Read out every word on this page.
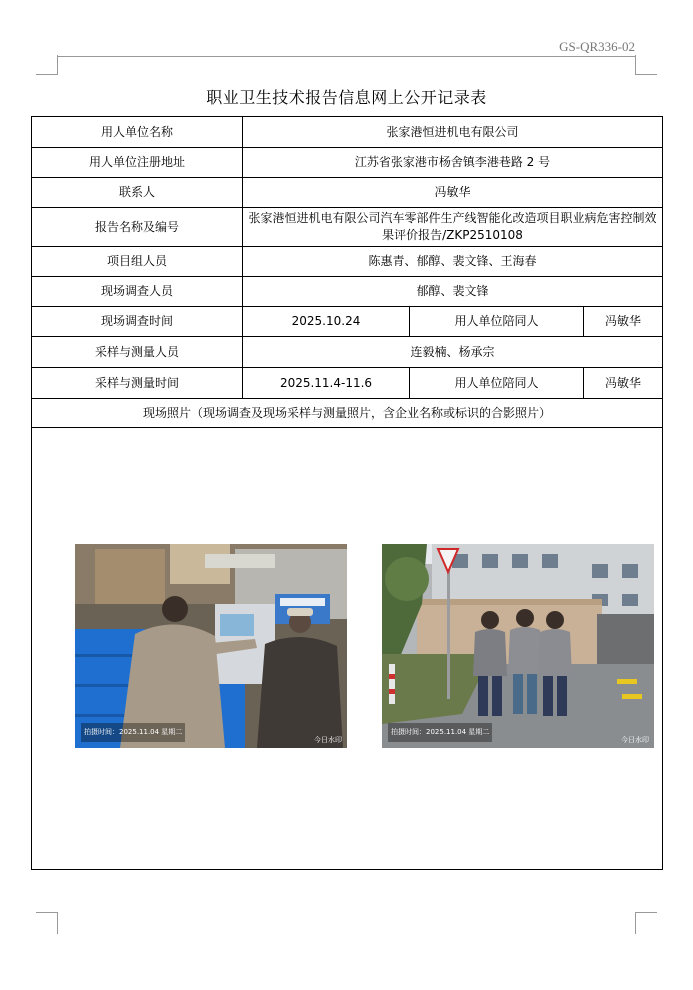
GS-QR336-02
职业卫生技术报告信息网上公开记录表
用人单位名称	张家港恒进机电有限公司		
用人单位注册地址	江苏省张家港市杨舍镇李港巷路 2 号		
联系人	冯敏华		
报告名称及编号	张家港恒进机电有限公司汽车零部件生产线智能化改造项目职业病危害控制效果评价报告/ZKP2510108		
项目组人员	陈惠青、郁醇、裴文锋、王海春		
现场调查人员	郁醇、裴文锋		
现场调查时间	2025.10.24	用人单位陪同人	冯敏华
采样与测量人员	连毅楠、杨承宗		
采样与测量时间	2025.11.4-11.6	用人单位陪同人	冯敏华
现场照片（现场调查及现场采样与测量照片，含企业名称或标识的合影照片）			

拍摄时间：2025.11.04 星期二
今日水印
拍摄时间：2025.11.04 星期二
今日水印			
